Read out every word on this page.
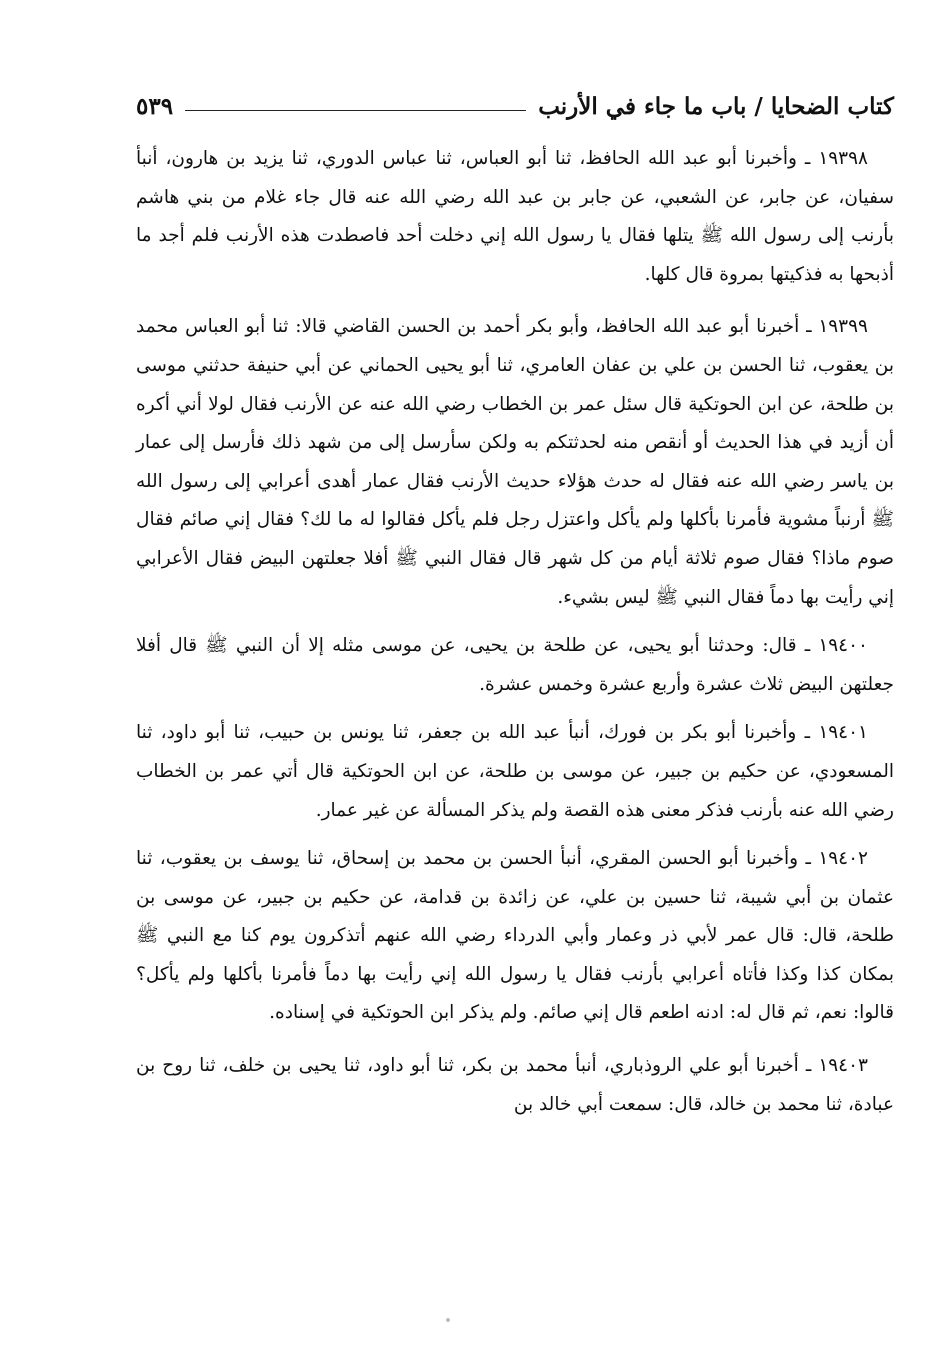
كتاب الضحايا / باب ما جاء في الأرنب
٥٣٩

١٩٣٩٨ ـ وأخبرنا أبو عبد الله الحافظ، ثنا أبو العباس، ثنا عباس الدوري، ثنا يزيد بن هارون، أنبأ سفيان، عن جابر، عن الشعبي، عن جابر بن عبد الله رضي الله عنه قال جاء غلام من بني هاشم بأرنب إلى رسول الله ﷺ يتلها فقال يا رسول الله إني دخلت أحد فاصطدت هذه الأرنب فلم أجد ما أذبحها به فذكيتها بمروة قال كلها.

١٩٣٩٩ ـ أخبرنا أبو عبد الله الحافظ، وأبو بكر أحمد بن الحسن القاضي قالا: ثنا أبو العباس محمد بن يعقوب، ثنا الحسن بن علي بن عفان العامري، ثنا أبو يحيى الحماني عن أبي حنيفة حدثني موسى بن طلحة، عن ابن الحوتكية قال سئل عمر بن الخطاب رضي الله عنه عن الأرنب فقال لولا أني أكره أن أزيد في هذا الحديث أو أنقص منه لحدثتكم به ولكن سأرسل إلى من شهد ذلك فأرسل إلى عمار بن ياسر رضي الله عنه فقال له حدث هؤلاء حديث الأرنب فقال عمار أهدى أعرابي إلى رسول الله ﷺ أرنباً مشوية فأمرنا بأكلها ولم يأكل واعتزل رجل فلم يأكل فقالوا له ما لك؟ فقال إني صائم فقال صوم ماذا؟ فقال صوم ثلاثة أيام من كل شهر قال فقال النبي ﷺ أفلا جعلتهن البيض فقال الأعرابي إني رأيت بها دماً فقال النبي ﷺ ليس بشيء.

١٩٤٠٠ ـ قال: وحدثنا أبو يحيى، عن طلحة بن يحيى، عن موسى مثله إلا أن النبي ﷺ قال أفلا جعلتهن البيض ثلاث عشرة وأربع عشرة وخمس عشرة.

١٩٤٠١ ـ وأخبرنا أبو بكر بن فورك، أنبأ عبد الله بن جعفر، ثنا يونس بن حبيب، ثنا أبو داود، ثنا المسعودي، عن حكيم بن جبير، عن موسى بن طلحة، عن ابن الحوتكية قال أتي عمر بن الخطاب رضي الله عنه بأرنب فذكر معنى هذه القصة ولم يذكر المسألة عن غير عمار.

١٩٤٠٢ ـ وأخبرنا أبو الحسن المقري، أنبأ الحسن بن محمد بن إسحاق، ثنا يوسف بن يعقوب، ثنا عثمان بن أبي شيبة، ثنا حسين بن علي، عن زائدة بن قدامة، عن حكيم بن جبير، عن موسى بن طلحة، قال: قال عمر لأبي ذر وعمار وأبي الدرداء رضي الله عنهم أتذكرون يوم كنا مع النبي ﷺ بمكان كذا وكذا فأتاه أعرابي بأرنب فقال يا رسول الله إني رأيت بها دماً فأمرنا بأكلها ولم يأكل؟ قالوا: نعم، ثم قال له: ادنه اطعم قال إني صائم. ولم يذكر ابن الحوتكية في إسناده.

١٩٤٠٣ ـ أخبرنا أبو علي الروذباري، أنبأ محمد بن بكر، ثنا أبو داود، ثنا يحيى بن خلف، ثنا روح بن عبادة، ثنا محمد بن خالد، قال: سمعت أبي خالد بن
